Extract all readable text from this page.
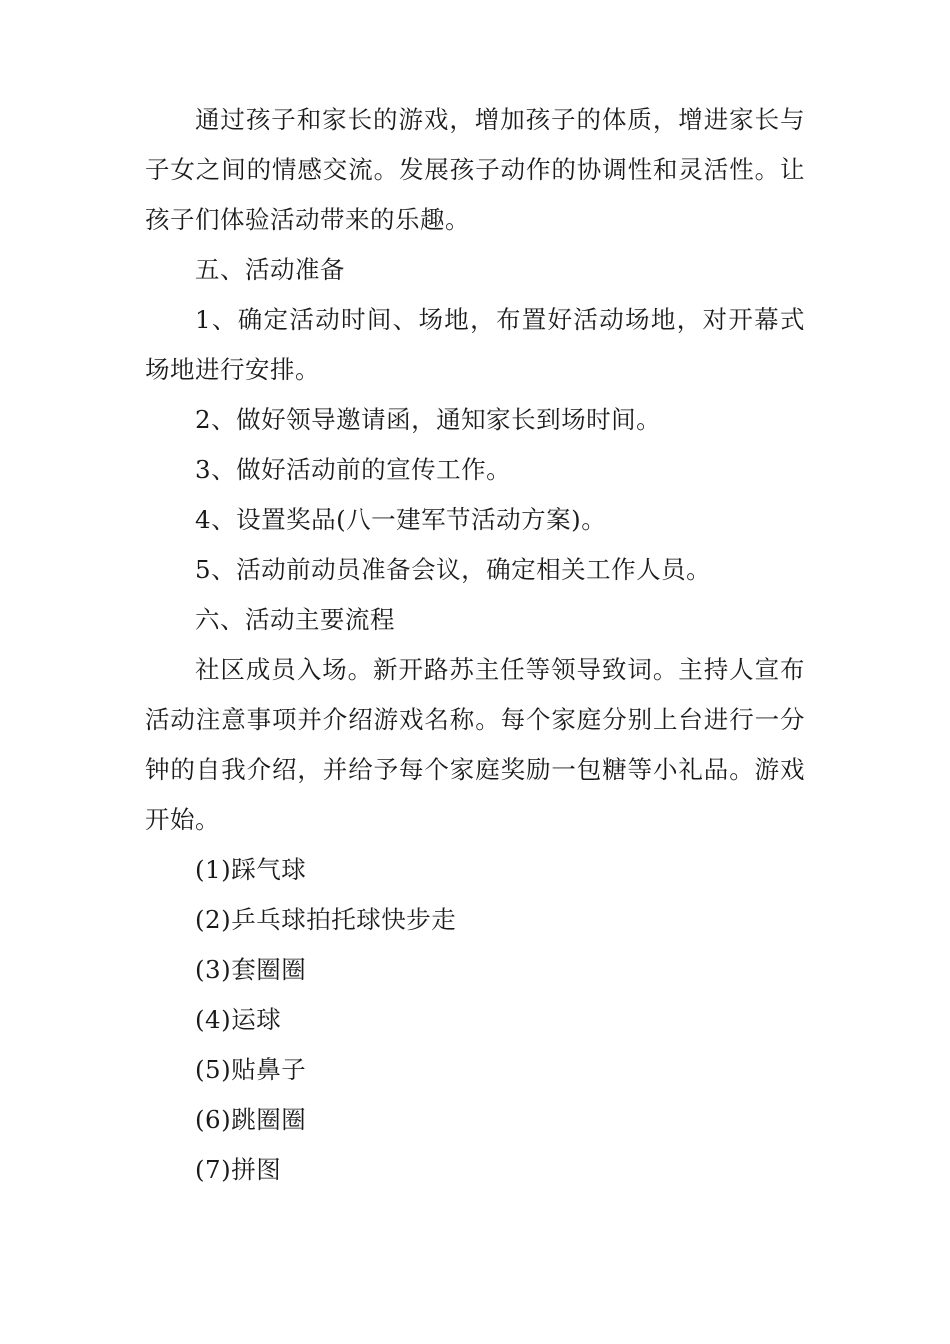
通过孩子和家长的游戏，增加孩子的体质，增进家长与子女之间的情感交流。发展孩子动作的协调性和灵活性。让孩子们体验活动带来的乐趣。

五、活动准备

1、确定活动时间、场地，布置好活动场地，对开幕式场地进行安排。

2、做好领导邀请函，通知家长到场时间。

3、做好活动前的宣传工作。

4、设置奖品(八一建军节活动方案)。

5、活动前动员准备会议，确定相关工作人员。

六、活动主要流程

社区成员入场。新开路苏主任等领导致词。主持人宣布活动注意事项并介绍游戏名称。每个家庭分别上台进行一分钟的自我介绍，并给予每个家庭奖励一包糖等小礼品。游戏开始。

(1)踩气球

(2)乒乓球拍托球快步走

(3)套圈圈

(4)运球

(5)贴鼻子

(6)跳圈圈

(7)拼图
